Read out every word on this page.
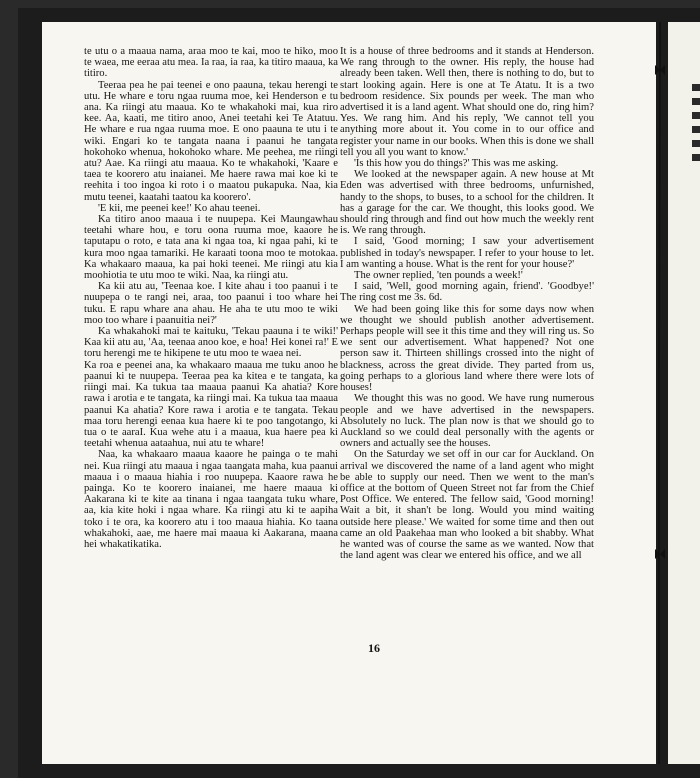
te utu o a maaua nama, araa moo te kai, moo te hiko, moo te waea, me eeraa atu mea. Ia raa, ia raa, ka titiro maaua, ka titiro.

Teeraa pea he pai teenei e ono paauna, tekau herengi te utu. He whare e toru ngaa ruuma moe, kei Henderson e tu ana. Ka riingi atu maaua. Ko te whakahoki mai, kua riro kee. Aa, kaati, me titiro anoo, Anei teetahi kei Te Atatuu. He whare e rua ngaa ruuma moe. E ono paauna te utu i te wiki. Engari ko te tangata naana i paanui he tangata hokohoko whenua, hokohoko whare. Me peehea, me riingi atu? Aae. Ka riingi atu maaua. Ko te whakahoki, 'Kaare e taea te koorero atu inaianei. Me haere rawa mai koe ki te reehita i too ingoa ki roto i o maatou pukapuka. Naa, kia mutu teenei, kaatahi taatou ka koorero'.

'E kii, me peenei kee!' Ko ahau teenei.

Ka titiro anoo maaua i te nuupepa. Kei Maungawhau teetahi whare hou, e toru oona ruuma moe, kaaore he taputapu o roto, e tata ana ki ngaa toa, ki ngaa pahi, ki te kura moo ngaa tamariki. He karaati toona moo te motokaa. Ka whakaaro maaua, ka pai hoki teenei. Me riingi atu kia moohiotia te utu moo te wiki. Naa, ka riingi atu.

Ka kii atu au, 'Teenaa koe. I kite ahau i too paanui i te nuupepa o te rangi nei, araa, too paanui i too whare hei tuku. E rapu whare ana ahau. He aha te utu moo te wiki moo too whare i paanuitia nei?'

Ka whakahoki mai te kaituku, 'Tekau paauna i te wiki!' Kaa kii atu au, 'Aa, teenaa anoo koe, e hoa! Hei konei ra!' E toru herengi me te hikipene te utu moo te waea nei.

Ka roa e peenei ana, ka whakaaro maaua me tuku anoo he paanui ki te nuupepa. Teeraa pea ka kitea e te tangata, ka riingi mai. Ka tukua taa maaua paanui Ka ahatia? Kore rawa i arotia e te tangata, ka riingi mai. Ka tukua taa maaua paanui Ka ahatia? Kore rawa i arotia e te tangata. Tekau maa toru herengi eenaa kua haere ki te poo tangotango, ki tua o te aaraI. Kua wehe atu i a maaua, kua haere pea ki teetahi whenua aataahua, nui atu te whare!

Naa, ka whakaaro maaua kaaore he painga o te mahi nei. Kua riingi atu maaua i ngaa taangata maha, kua paanui maaua i o maaua hiahia i roo nuupepa. Kaaore rawa he painga. Ko te koorero inaianei, me haere maaua ki Aakarana ki te kite aa tinana i ngaa taangata tuku whare, aa, kia kite hoki i ngaa whare. Ka riingi atu ki te aapiha toko i te ora, ka koorero atu i too maaua hiahia. Ko taana whakahoki, aae, me haere mai maaua ki Aakarana, maana hei whakatikatika.

It is a house of three bedrooms and it stands at Henderson. We rang through to the owner. His reply, the house had already been taken. Well then, there is nothing to do, but to start looking again. Here is one at Te Atatu. It is a two bedroom residence. Six pounds per week. The man who advertised it is a land agent. What should one do, ring him? Yes. We rang him. And his reply, 'We cannot tell you anything more about it. You come in to our office and register your name in our books. When this is done we shall tell you all you want to know.'

'Is this how you do things?' This was me asking.

We looked at the newspaper again. A new house at Mt Eden was advertised with three bedrooms, unfurnished, handy to the shops, to buses, to a school for the children. It has a garage for the car. We thought, this looks good. We should ring through and find out how much the weekly rent is. We rang through.

I said, 'Good morning; I saw your advertisement published in today's newspaper. I refer to your house to let. I am wanting a house. What is the rent for your house?'

The owner replied, 'ten pounds a week!'

I said, 'Well, good morning again, friend'. 'Goodbye!' The ring cost me 3s. 6d.

We had been going like this for some days now when we thought we should publish another advertisement. Perhaps people will see it this time and they will ring us. So we sent our advertisement. What happened? Not one person saw it. Thirteen shillings crossed into the night of blackness, across the great divide. They parted from us, going perhaps to a glorious land where there were lots of houses!

We thought this was no good. We have rung numerous people and we have advertised in the newspapers. Absolutely no luck. The plan now is that we should go to Auckland so we could deal personally with the agents or owners and actually see the houses.

On the Saturday we set off in our car for Auckland. On arrival we discovered the name of a land agent who might be able to supply our need. Then we went to the man's office at the bottom of Queen Street not far from the Chief Post Office. We entered. The fellow said, 'Good morning! Wait a bit, it shan't be long. Would you mind waiting outside here please.' We waited for some time and then out came an old Paakehaa man who looked a bit shabby. What he wanted was of course the same as we wanted. Now that the land agent was clear we entered his office, and we all

16
